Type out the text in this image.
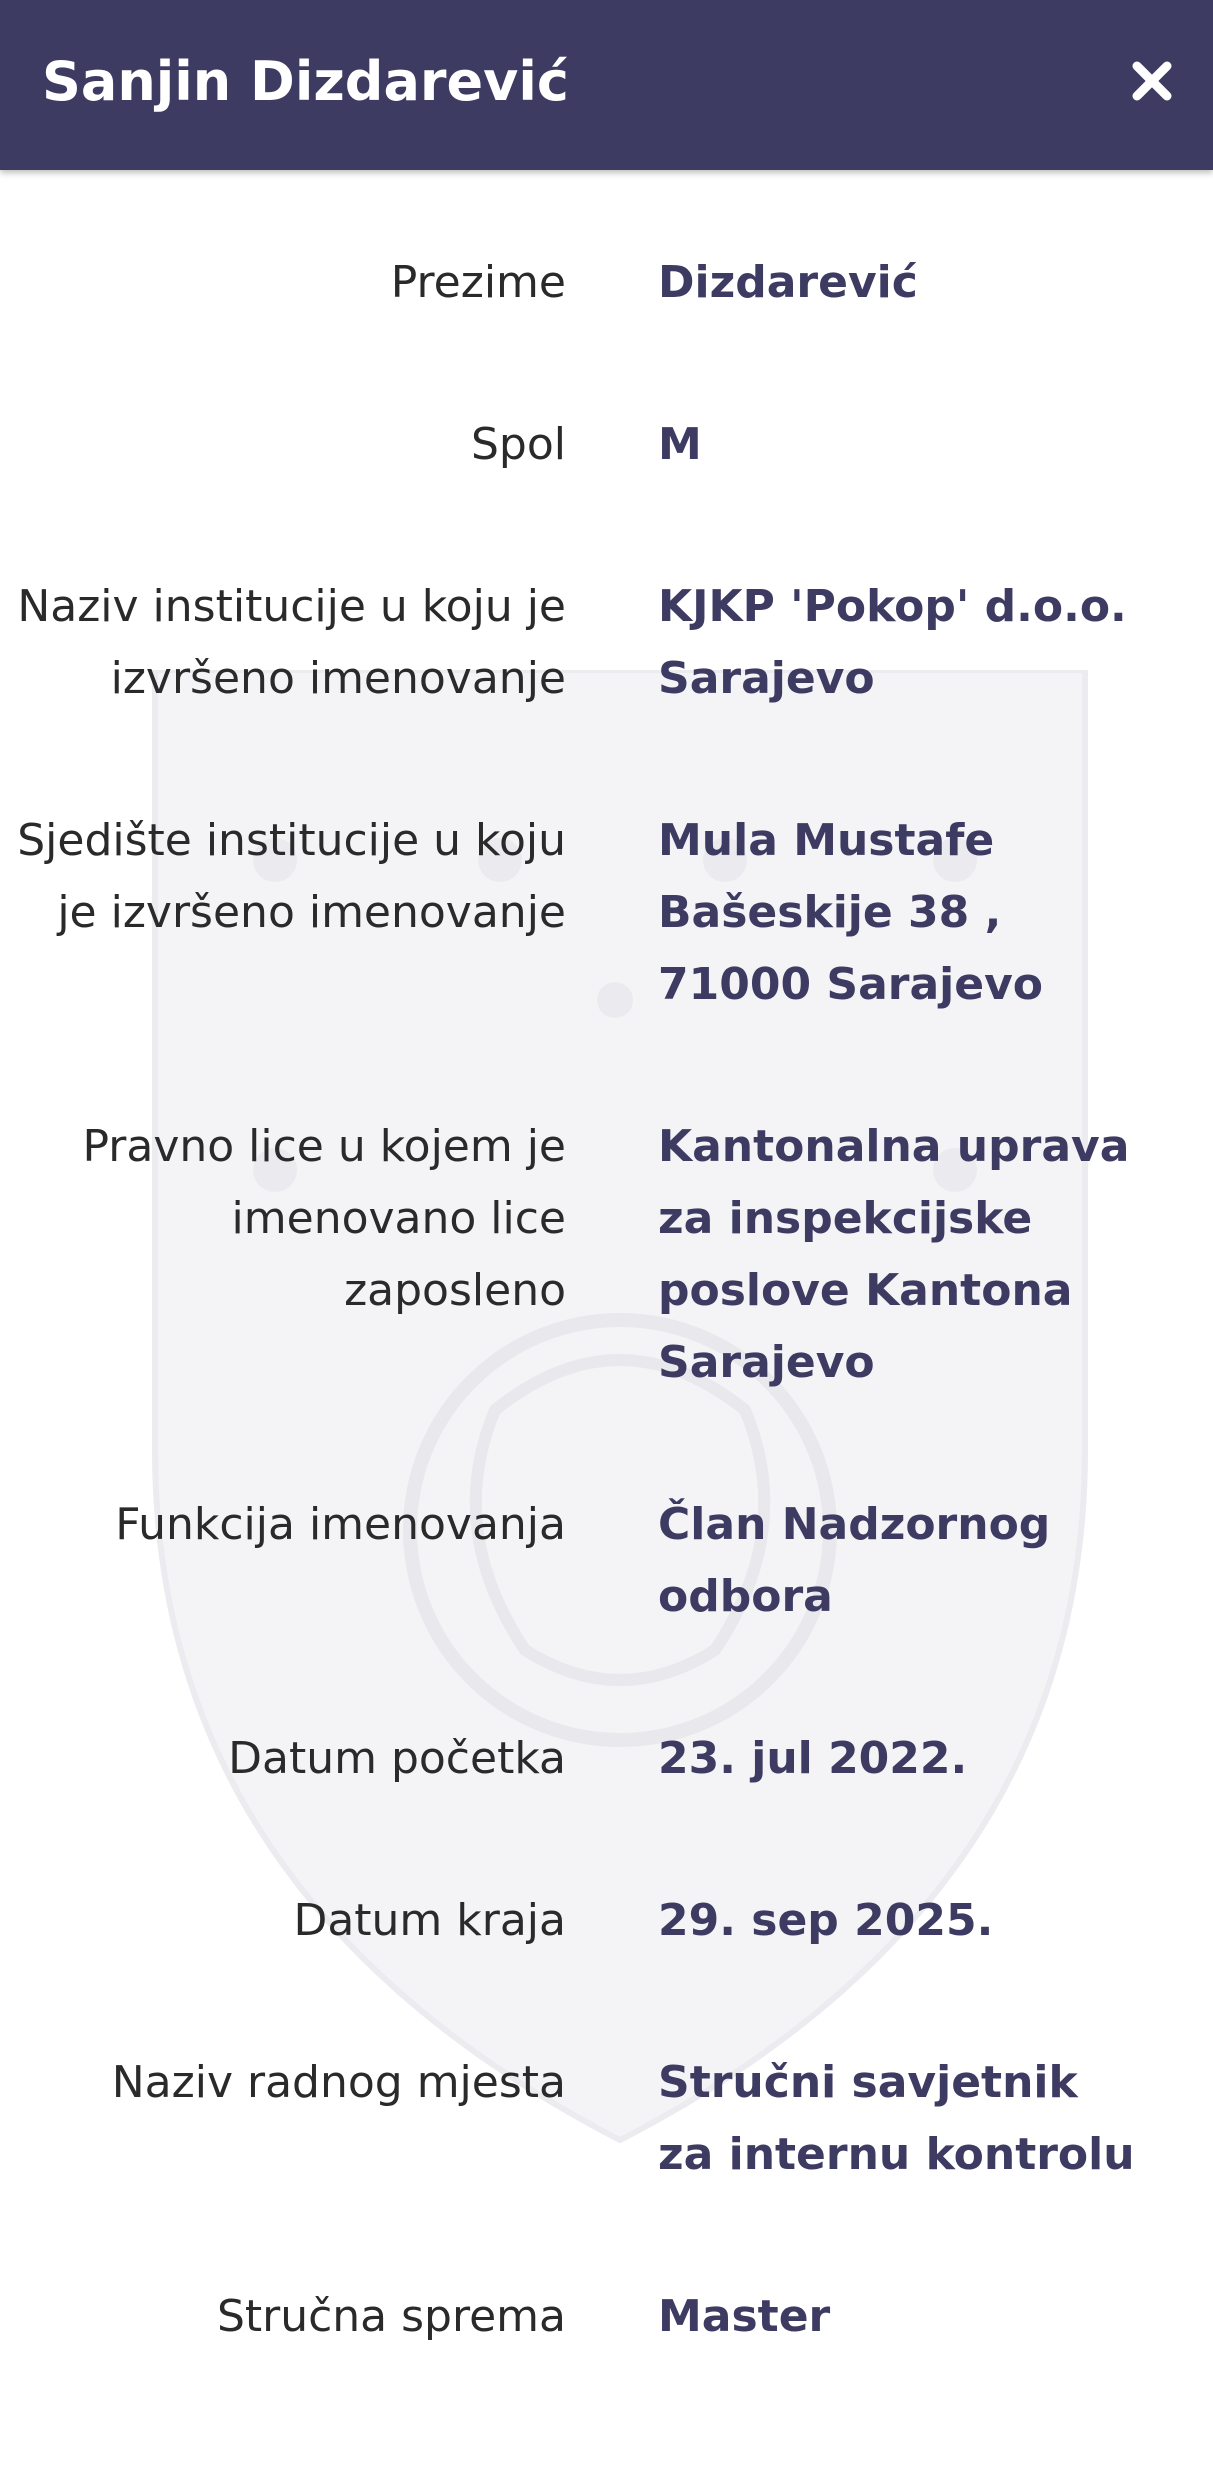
Sanjin Dizdarević
Prezime Dizdarević
Spol M
Naziv institucije u koju je izvršeno imenovanje
KJKP 'Pokop' d.o.o. Sarajevo
Sjedište institucije u koju je izvršeno imenovanje
Mula Mustafe Bašeskije 38 , 71000 Sarajevo
Pravno lice u kojem je imenovano lice zaposleno
Kantonalna uprava za inspekcijske poslove Kantona Sarajevo
Funkcija imenovanja Član Nadzornog odbora
Datum početka 23. jul 2022.
Datum kraja 29. sep 2025.
Naziv radnog mjesta Stručni savjetnik za internu kontrolu
Stručna sprema Master
